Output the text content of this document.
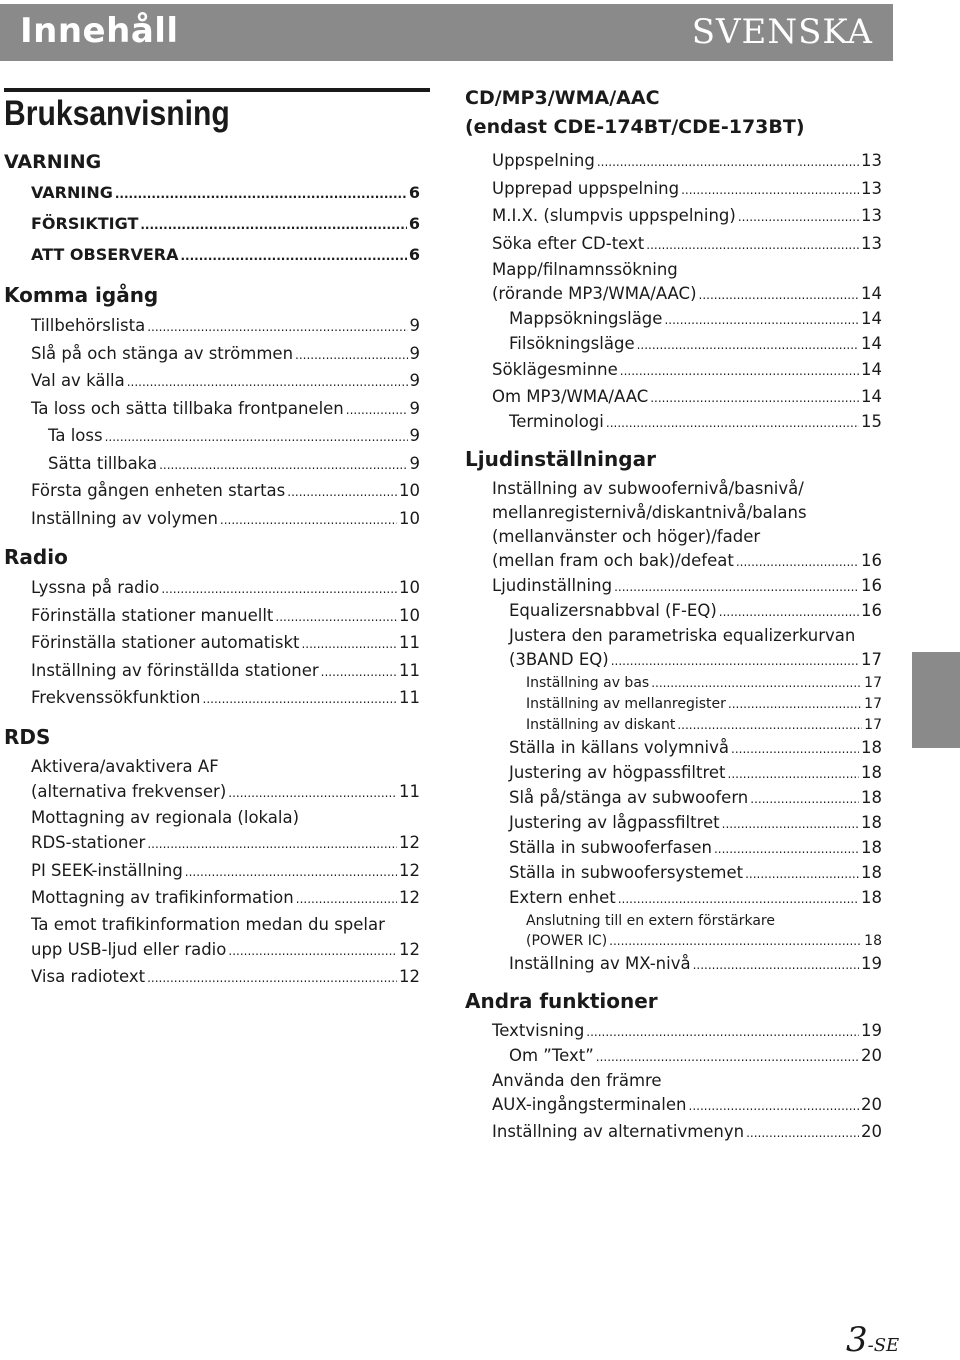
Innehåll	SVENSKA
Bruksanvisning
VARNING
VARNING .....	6
FÖRSIKTIGT .....	6
ATT OBSERVERA .....	6
Komma igång
Tillbehörslista .....	9
Slå på och stänga av strömmen .....	9
Val av källa .....	9
Ta loss och sätta tillbaka frontpanelen .....	9
Ta loss .....	9
Sätta tillbaka .....	9
Första gången enheten startas .....	10
Inställning av volymen .....	10
Radio
Lyssna på radio .....	10
Förinställa stationer manuellt .....	10
Förinställa stationer automatiskt .....	11
Inställning av förinställda stationer .....	11
Frekvenssökfunktion .....	11
RDS
Aktivera/avaktivera AF
(alternativa frekvenser) .....	11
Mottagning av regionala (lokala)
RDS-stationer .....	12
PI SEEK-inställning .....	12
Mottagning av trafikinformation .....	12
Ta emot trafikinformation medan du spelar
upp USB-ljud eller radio .....	12
Visa radiotext .....	12
CD/MP3/WMA/AAC
(endast CDE-174BT/CDE-173BT)
Uppspelning .....	13
Upprepad uppspelning .....	13
M.I.X. (slumpvis uppspelning) .....	13
Söka efter CD-text .....	13
Mapp/filnamnssökning
(rörande MP3/WMA/AAC) .....	14
Mappsökningsläge .....	14
Filsökningsläge .....	14
Söklägesminne .....	14
Om MP3/WMA/AAC .....	14
Terminologi .....	15
Ljudinställningar
Inställning av subwoofernivå/basnivå/
mellanregisternivå/diskantnivå/balans
(mellanvänster och höger)/fader
(mellan fram och bak)/defeat .....	16
Ljudinställning .....	16
Equalizersnabbval (F-EQ) .....	16
Justera den parametriska equalizerkurvan
(3BAND EQ) .....	17
Inställning av bas .....	17
Inställning av mellanregister .....	17
Inställning av diskant .....	17
Ställa in källans volymnivå .....	18
Justering av högpassfiltret .....	18
Slå på/stänga av subwoofern .....	18
Justering av lågpassfiltret .....	18
Ställa in subwooferfasen .....	18
Ställa in subwoofersystemet .....	18
Extern enhet .....	18
Anslutning till en extern förstärkare
(POWER IC) .....	18
Inställning av MX-nivå .....	19
Andra funktioner
Textvisning .....	19
Om ”Text” .....	20
Använda den främre
AUX-ingångsterminalen .....	20
Inställning av alternativmenyn .....	20
3-SE
